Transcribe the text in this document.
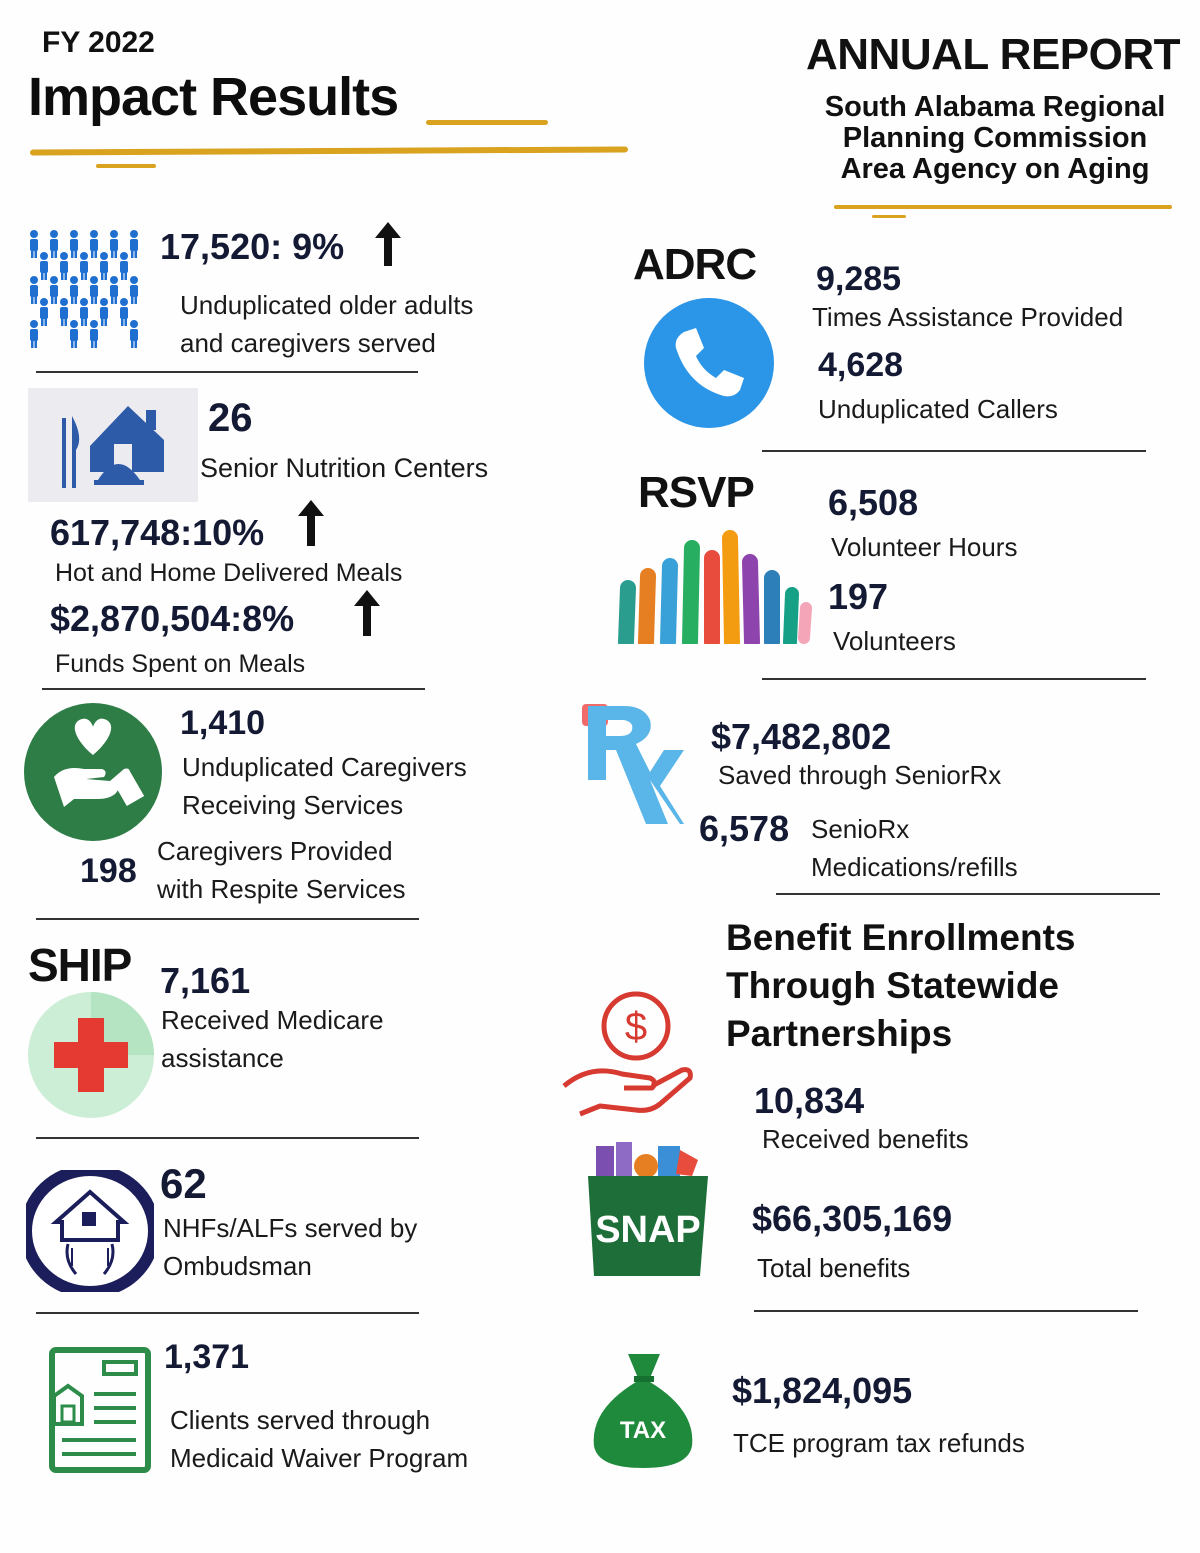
FY 2022
Impact Results
ANNUAL REPORT
South Alabama Regional
Planning Commission
Area Agency on Aging
17,520: 9%
Unduplicated older adults
and caregivers served
26
Senior Nutrition Centers
617,748:10%
Hot and Home Delivered Meals
$2,870,504:8%
Funds Spent on Meals
1,410
Unduplicated Caregivers
Receiving Services
198
Caregivers Provided
with Respite Services
SHIP 7,161
Received Medicare
assistance
62
NHFs/ALFs served by
Ombudsman
1,371
Clients served through
Medicaid Waiver Program
ADRC 9,285
Times Assistance Provided
4,628
Unduplicated Callers
RSVP 6,508
Volunteer Hours
197
Volunteers
$7,482,802
Saved through SeniorRx
6,578 SenioRx
Medications/refills
Benefit Enrollments
Through Statewide
Partnerships
$
10,834
Received benefits
SNAP $66,305,169
Total benefits
TAX
$1,824,095
TCE program tax refunds
